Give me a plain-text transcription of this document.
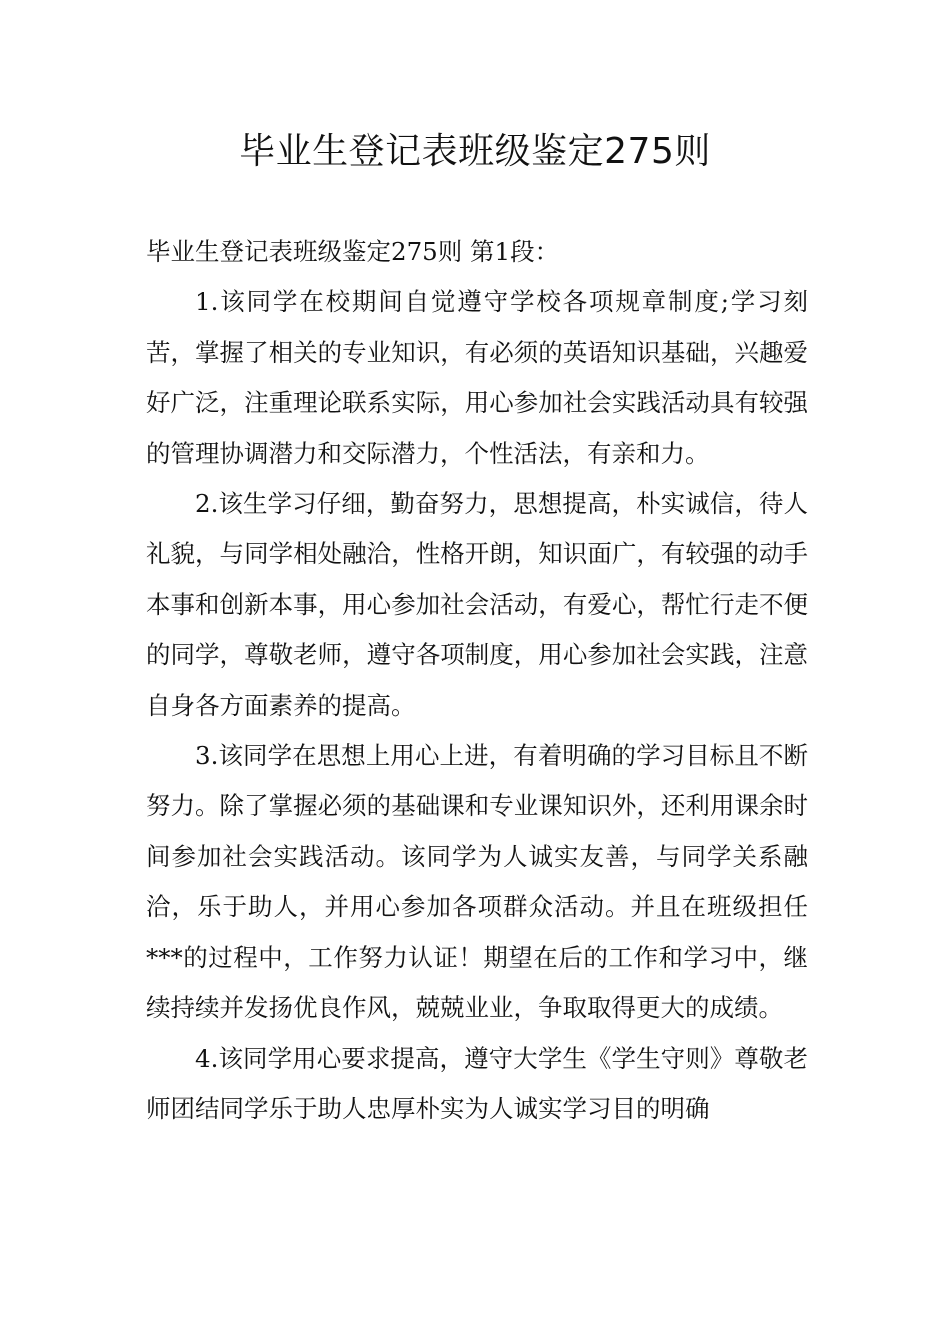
毕业生登记表班级鉴定275则

毕业生登记表班级鉴定275则 第1段：

1.该同学在校期间自觉遵守学校各项规章制度;学习刻苦，掌握了相关的专业知识，有必须的英语知识基础，兴趣爱好广泛，注重理论联系实际，用心参加社会实践活动具有较强的管理协调潜力和交际潜力，个性活法，有亲和力。

2.该生学习仔细，勤奋努力，思想提高，朴实诚信，待人礼貌，与同学相处融洽，性格开朗，知识面广，有较强的动手本事和创新本事，用心参加社会活动，有爱心，帮忙行走不便的同学，尊敬老师，遵守各项制度，用心参加社会实践，注意自身各方面素养的提高。

3.该同学在思想上用心上进，有着明确的学习目标且不断努力。除了掌握必须的基础课和专业课知识外，还利用课余时间参加社会实践活动。该同学为人诚实友善，与同学关系融洽，乐于助人，并用心参加各项群众活动。并且在班级担任***的过程中，工作努力认证！期望在后的工作和学习中，继续持续并发扬优良作风，兢兢业业，争取取得更大的成绩。

4.该同学用心要求提高，遵守大学生《学生守则》尊敬老师团结同学乐于助人忠厚朴实为人诚实学习目的明确
